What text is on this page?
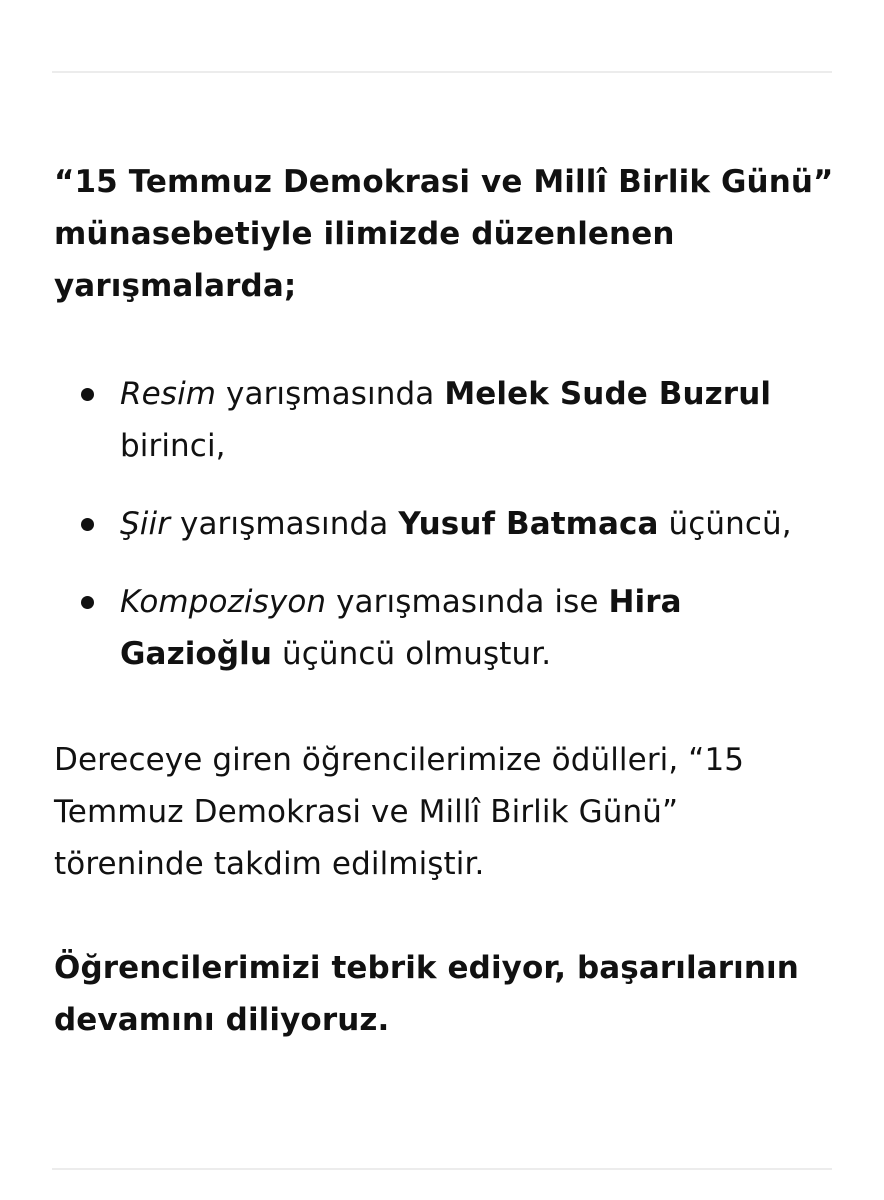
“15 Temmuz Demokrasi ve Millî Birlik Günü” münasebetiyle ilimizde düzenlenen yarışmalarda;

Resim yarışmasında Melek Sude Buzrul birinci,
Şiir yarışmasında Yusuf Batmaca üçüncü,
Kompozisyon yarışmasında ise Hira Gazioğlu üçüncü olmuştur.

Dereceye giren öğrencilerimize ödülleri, “15 Temmuz Demokrasi ve Millî Birlik Günü” töreninde takdim edilmiştir.

Öğrencilerimizi tebrik ediyor, başarılarının devamını diliyoruz.
